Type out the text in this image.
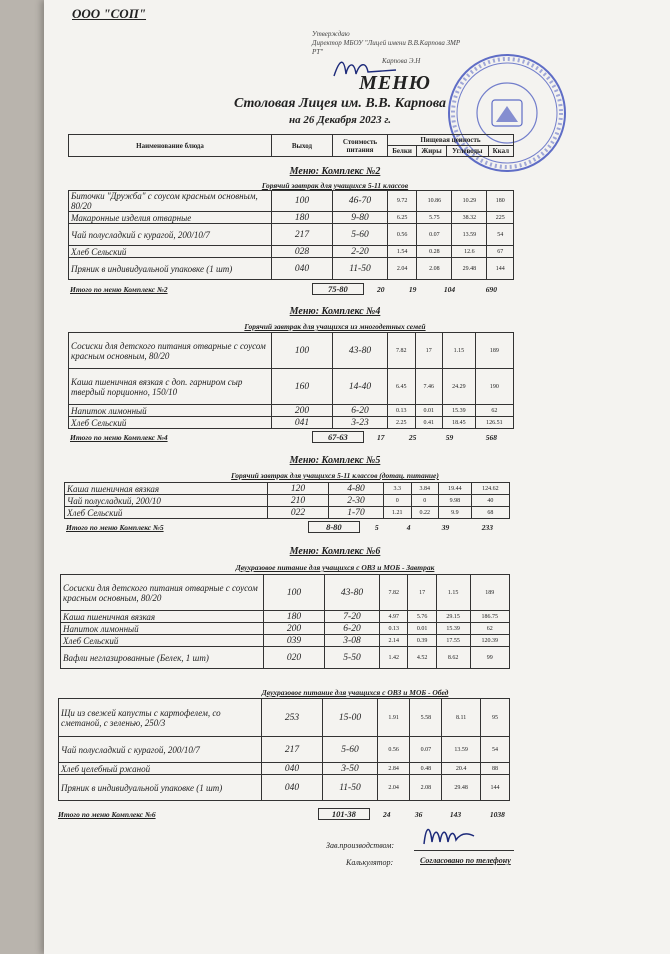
ООО "СОП"
Утверждаю
Директор МБОУ "Лицей имени В.В.Карпова ЗМР
РТ"
Карпова Э.Н
МЕНЮ
Столовая Лицея им. В.В. Карпова
на 26 Декабря 2023 г.
Наименование блюда	Выход	Стоимость питания	Пищевая ценность			
			Белки	Жиры	Углеводы	Ккал
Меню: Комплекс №2
Горячий завтрак для учащихся 5-11 классов
Биточки "Дружба" с соусом красным основным, 80/20	100	46-70	9.72	10.86	10.29	180
Макаронные изделия отварные	180	9-80	6.25	5.75	38.32	225
Чай полусладкий с курагой, 200/10/7	217	5-60	0.56	0.07	13.59	54
Хлеб Сельский	028	2-20	1.54	0.28	12.6	67
Пряник в индивидуальной упаковке (1 шт)	040	11-50	2.04	2.08	29.48	144
Итого по меню Комплекс №2	75-80	20	19	104	690
Меню: Комплекс №4
Горячий завтрак для учащихся из многодетных семей
Сосиски для детского питания отварные с соусом красным основным, 80/20	100	43-80	7.82	17	1.15	189
Каша пшеничная вязкая с доп. гарниром сыр твердый порционно, 150/10	160	14-40	6.45	7.46	24.29	190
Напиток лимонный	200	6-20	0.13	0.01	15.39	62
Хлеб Сельский	041	3-23	2.25	0.41	18.45	126.51
Итого по меню Комплекс №4	67-63	17	25	59	568
Меню: Комплекс №5
Горячий завтрак для учащихся 5-11 классов (дотац. питание)
Каша пшеничная вязкая	120	4-80	3.3	3.84	19.44	124.62
Чай полусладкий, 200/10	210	2-30	0	0	9.98	40
Хлеб Сельский	022	1-70	1.21	0.22	9.9	68
Итого по меню Комплекс №5	8-80	5	4	39	233
Меню: Комплекс №6
Двухразовое питание для учащихся с ОВЗ и МОБ - Завтрак
Сосиски для детского питания отварные с соусом красным основным, 80/20	100	43-80	7.82	17	1.15	189
Каша пшеничная вязкая	180	7-20	4.97	5.76	29.15	186.75
Напиток лимонный	200	6-20	0.13	0.01	15.39	62
Хлеб Сельский	039	3-08	2.14	0.39	17.55	120.39
Вафли неглазированные (Белек, 1 шт)	020	5-50	1.42	4.52	8.62	99
Двухразовое питание для учащихся с ОВЗ и МОБ - Обед
Щи из свежей капусты с картофелем, со сметаной, с зеленью, 250/3	253	15-00	1.91	5.58	8.11	95
Чай полусладкий с курагой, 200/10/7	217	5-60	0.56	0.07	13.59	54
Хлеб целебный ржаной	040	3-50	2.84	0.48	20.4	88
Пряник в индивидуальной упаковке (1 шт)	040	11-50	2.04	2.08	29.48	144
Итого по меню Комплекс №6	101-38	24	36	143	1038
Зав.производством:
Калькулятор:	Согласовано по телефону
